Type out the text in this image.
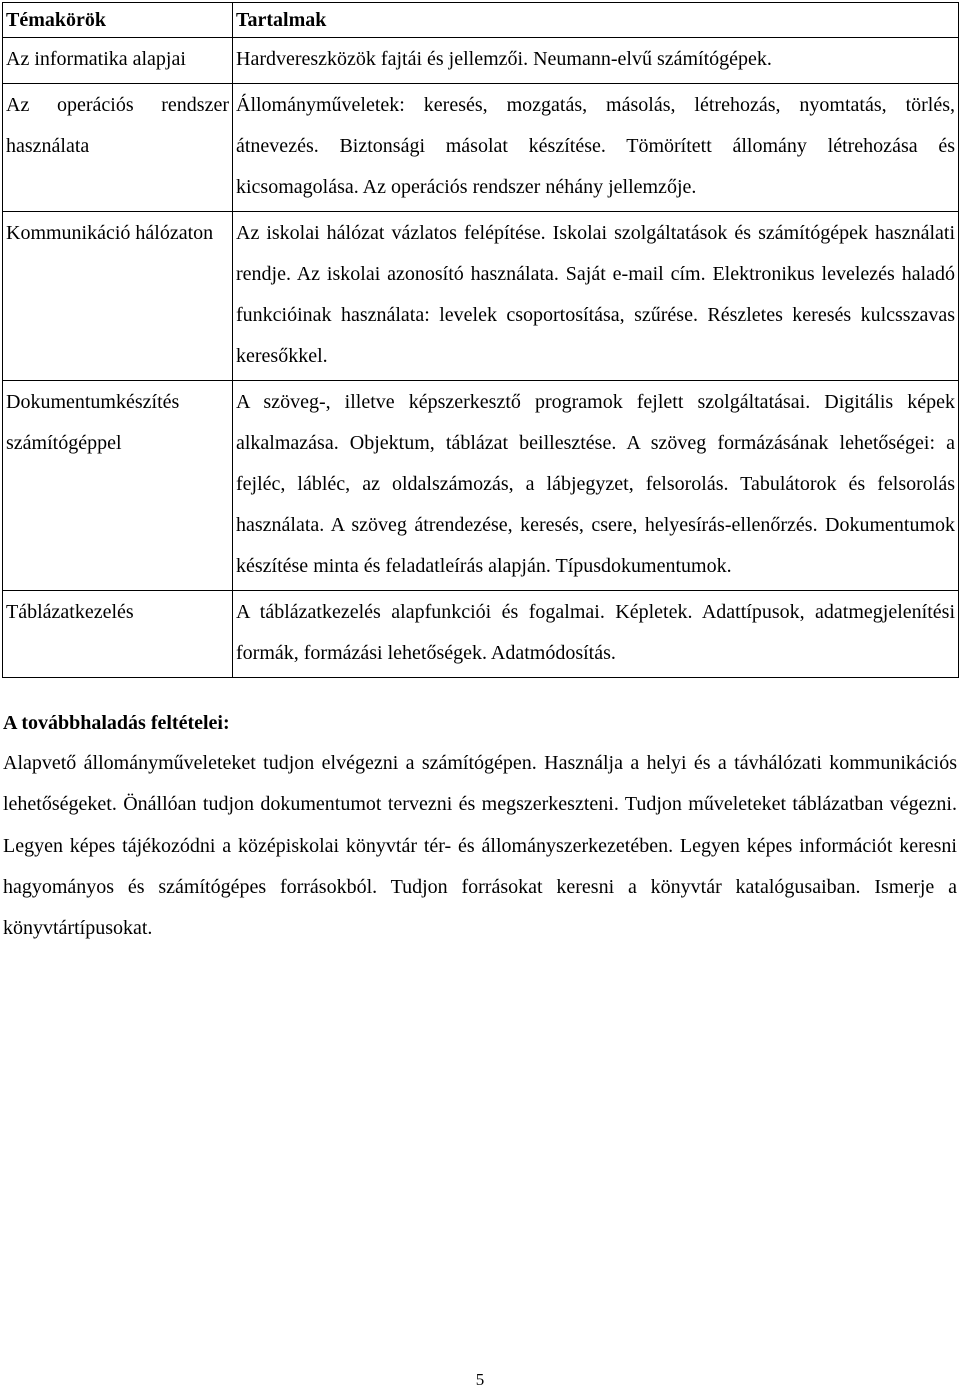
Témakörök	Tartalmak
Az informatika alapjai	Hardvereszközök fajtái és jellemzői. Neumann-elvű számítógépek.
Az operációs rendszer használata	Állományműveletek: keresés, mozgatás, másolás, létrehozás, nyomtatás, törlés, átnevezés. Biztonsági másolat készítése. Tömörített állomány létrehozása és kicsomagolása. Az operációs rendszer néhány jellemzője.
Kommunikáció hálózaton	Az iskolai hálózat vázlatos felépítése. Iskolai szolgáltatások és számítógépek használati rendje. Az iskolai azonosító használata. Saját e-mail cím. Elektronikus levelezés haladó funkcióinak használata: levelek csoportosítása, szűrése. Részletes keresés kulcsszavas keresőkkel.
Dokumentumkészítés számítógéppel	A szöveg-, illetve képszerkesztő programok fejlett szolgáltatásai. Digitális képek alkalmazása. Objektum, táblázat beillesztése. A szöveg formázásának lehetőségei: a fejléc, lábléc, az oldalszámozás, a lábjegyzet, felsorolás. Tabulátorok és felsorolás használata. A szöveg átrendezése, keresés, csere, helyesírás-ellenőrzés. Dokumentumok készítése minta és feladatleírás alapján. Típusdokumentumok.
Táblázatkezelés	A táblázatkezelés alapfunkciói és fogalmai. Képletek. Adattípusok, adatmegjelenítési formák, formázási lehetőségek. Adatmódosítás.
A továbbhaladás feltételei:

Alapvető állományműveleteket tudjon elvégezni a számítógépen. Használja a helyi és a távhálózati kommunikációs lehetőségeket. Önállóan tudjon dokumentumot tervezni és megszerkeszteni. Tudjon műveleteket táblázatban végezni. Legyen képes tájékozódni a középiskolai könyvtár tér- és állományszerkezetében. Legyen képes információt keresni hagyományos és számítógépes forrásokból. Tudjon forrásokat keresni a könyvtár katalógusaiban. Ismerje a könyvtártípusokat.

5
